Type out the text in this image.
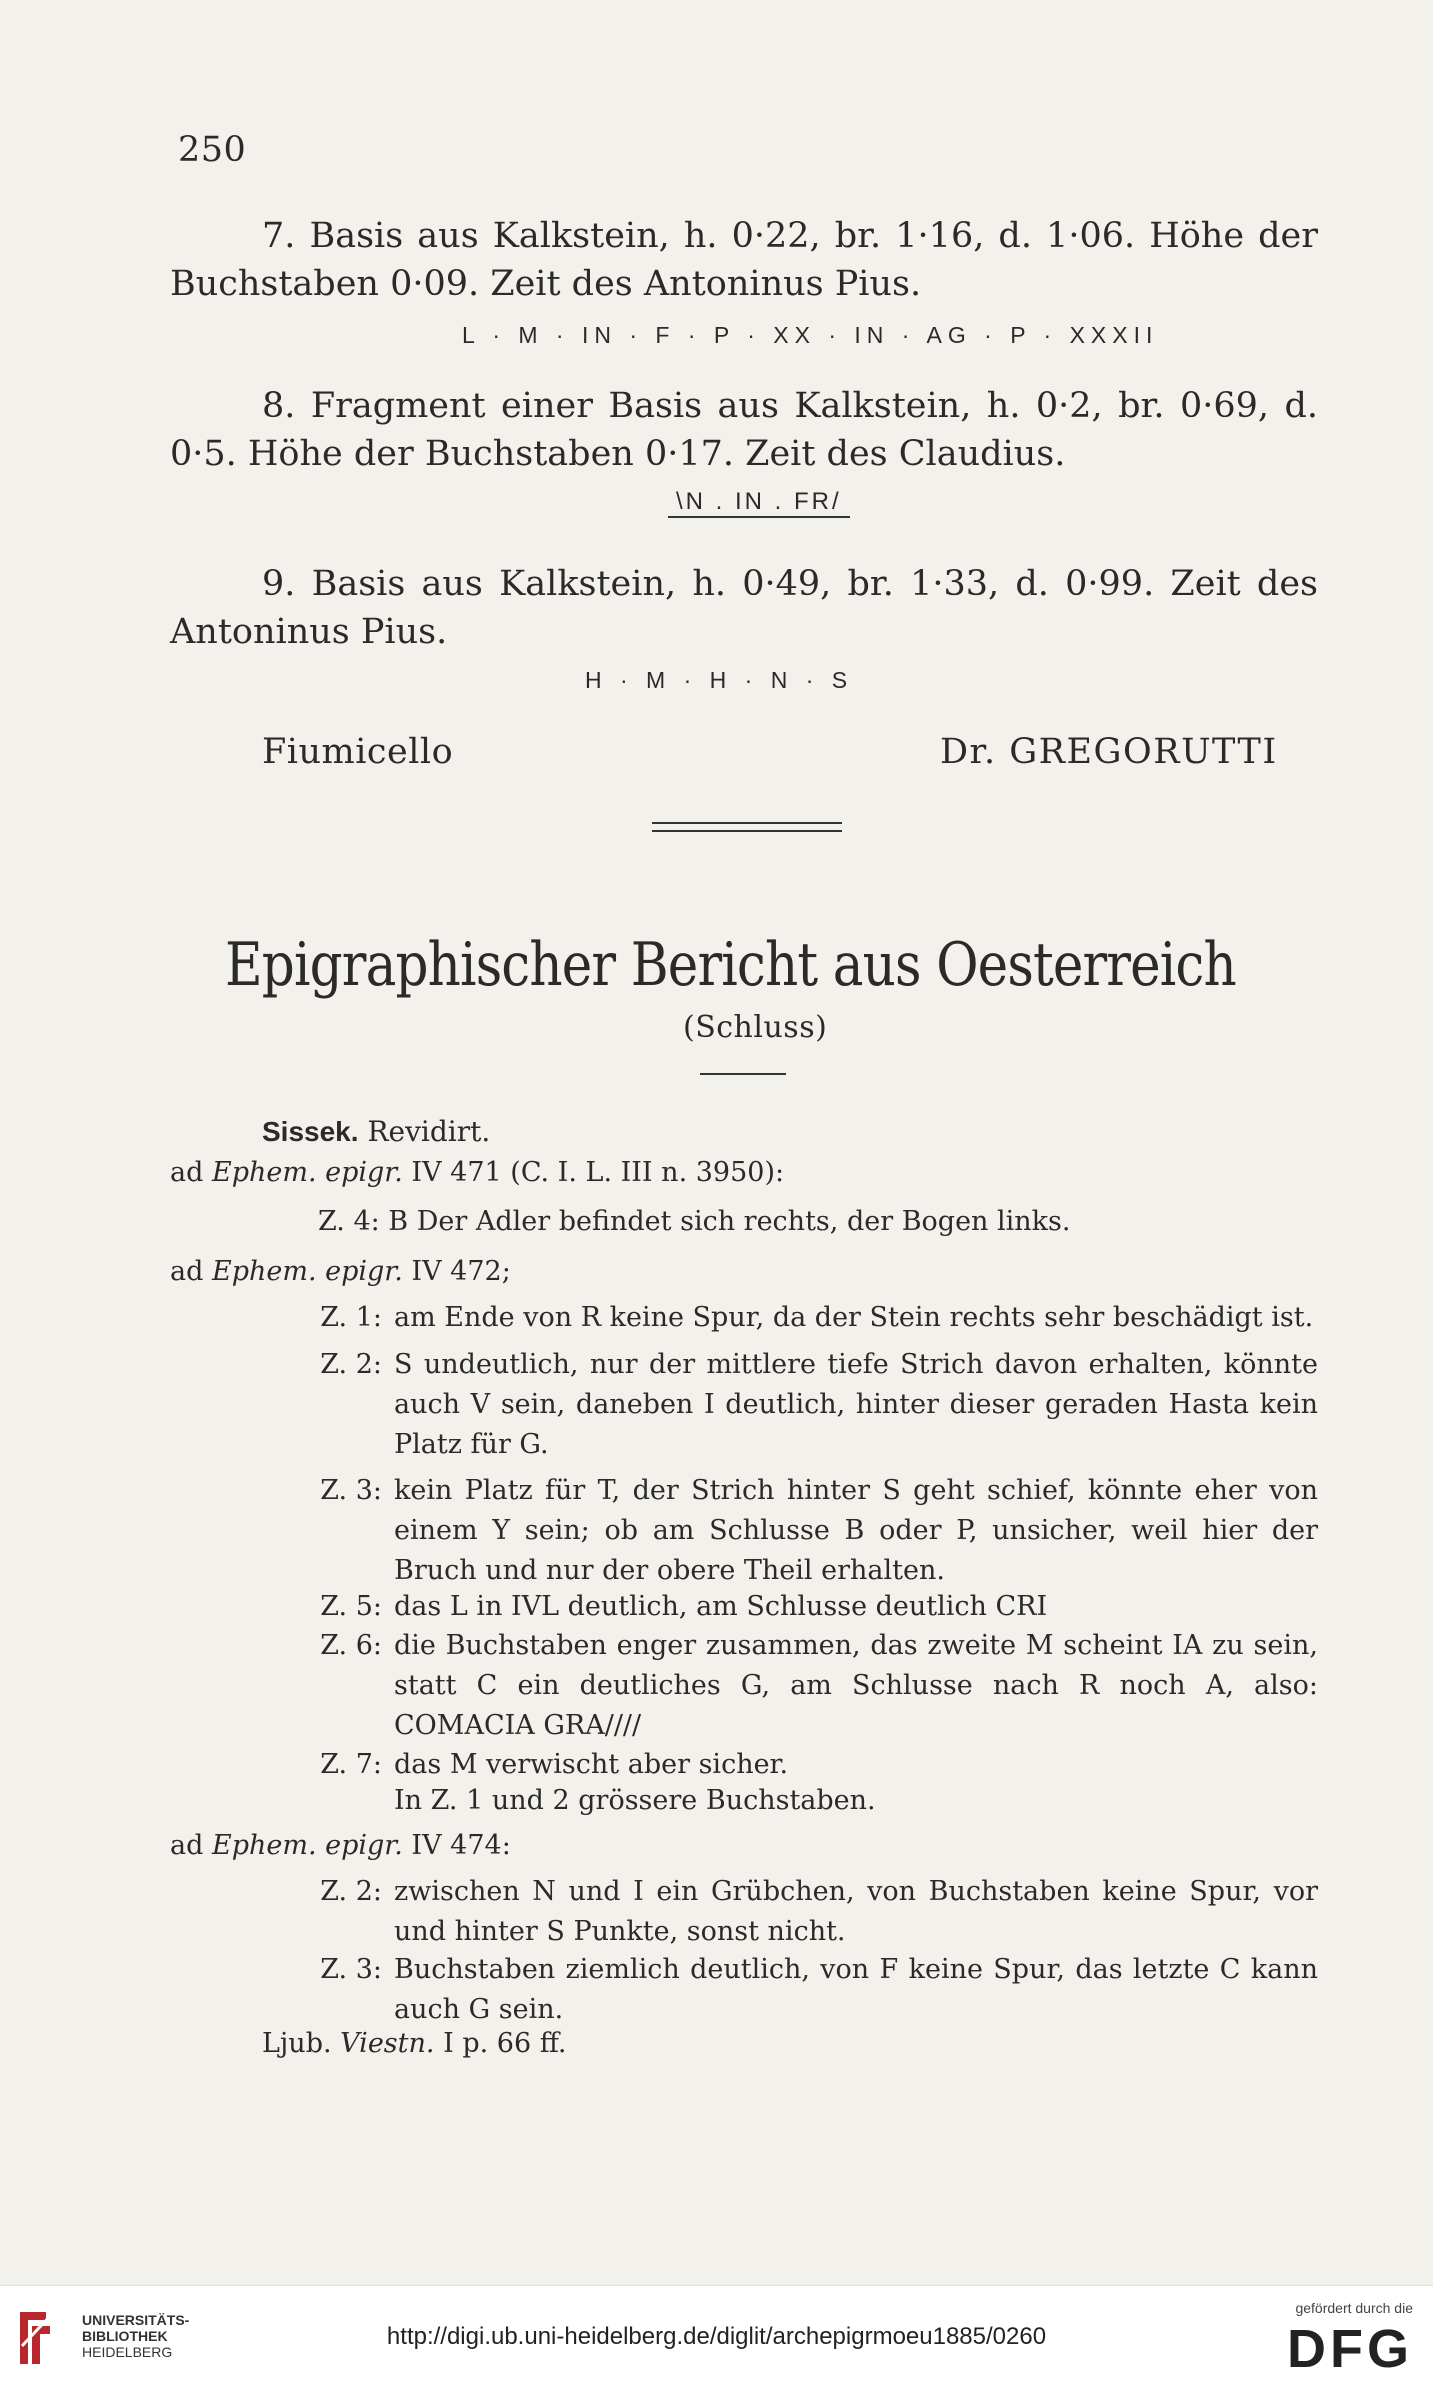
250
7. Basis aus Kalkstein, h. 0·22, br. 1·16, d. 1·06. Höhe der Buchstaben 0·09. Zeit des Antoninus Pius.
L · M · IN · F · P · XX · IN · AG · P · XXXII
8. Fragment einer Basis aus Kalkstein, h. 0·2, br. 0·69, d. 0·5. Höhe der Buchstaben 0·17. Zeit des Claudius.
\N . IN . FR/
9. Basis aus Kalkstein, h. 0·49, br. 1·33, d. 0·99. Zeit des Antoninus Pius.
H · M · H · N · S
Fiumicello	Dr. GREGORUTTI
Epigraphischer Bericht aus Oesterreich
(Schluss)
Sissek. Revidirt.
ad Ephem. epigr. IV 471 (C. I. L. III n. 3950):
Z. 4: B Der Adler befindet sich rechts, der Bogen links.
ad Ephem. epigr. IV 472;
Z. 1: am Ende von R keine Spur, da der Stein rechts sehr beschädigt ist.
Z. 2: S undeutlich, nur der mittlere tiefe Strich davon erhalten, könnte auch V sein, daneben I deutlich, hinter dieser geraden Hasta kein Platz für G.
Z. 3: kein Platz für T, der Strich hinter S geht schief, könnte eher von einem Y sein; ob am Schlusse B oder P, unsicher, weil hier der Bruch und nur der obere Theil erhalten.
Z. 5: das L in IVL deutlich, am Schlusse deutlich CRI
Z. 6: die Buchstaben enger zusammen, das zweite M scheint IA zu sein, statt C ein deutliches G, am Schlusse nach R noch A, also: COMACIA GRA////
Z. 7: das M verwischt aber sicher.
In Z. 1 und 2 grössere Buchstaben.
ad Ephem. epigr. IV 474:
Z. 2: zwischen N und I ein Grübchen, von Buchstaben keine Spur, vor und hinter S Punkte, sonst nicht.
Z. 3: Buchstaben ziemlich deutlich, von F keine Spur, das letzte C kann auch G sein.
Ljub. Viestn. I p. 66 ff.
UNIVERSITÄTS-
BIBLIOTHEK
HEIDELBERG
http://digi.ub.uni-heidelberg.de/diglit/archepigrmoeu1885/0260
gefördert durch die
DFG
